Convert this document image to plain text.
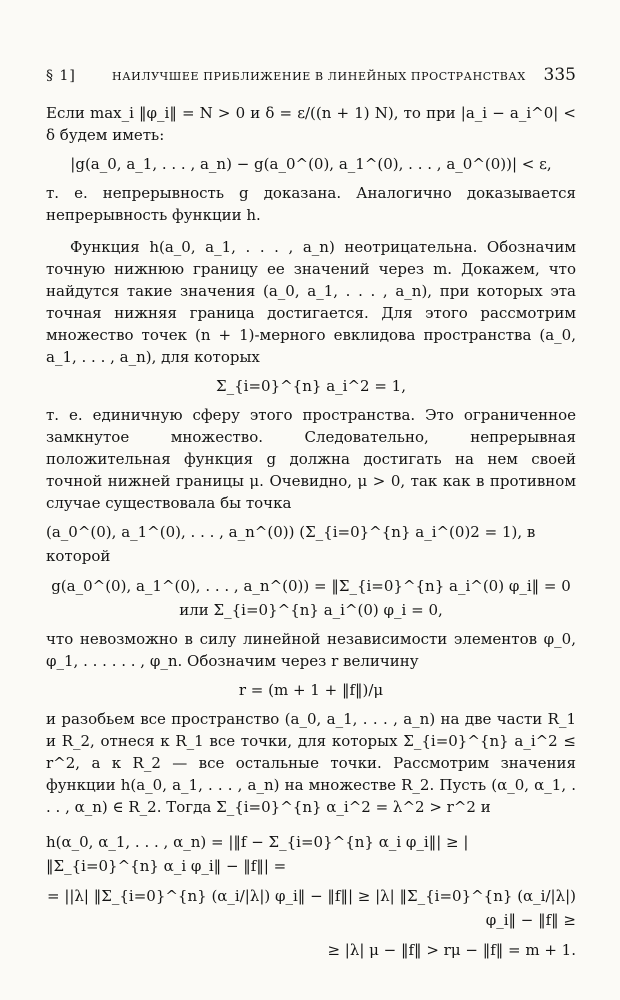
§ 1]	НАИЛУЧШЕЕ ПРИБЛИЖЕНИЕ В ЛИНЕЙНЫХ ПРОСТРАНСТВАХ 335

Если max_i ‖φ_i‖ = N > 0 и δ = ε/((n + 1) N), то при |a_i − a_i^0| < δ будем иметь:

|g(a_0, a_1, . . . , a_n) − g(a_0^(0), a_1^(0), . . . , a_0^(0))| < ε,

т. е. непрерывность g доказана. Аналогично доказывается непрерывность функции h.

Функция h(a_0, a_1, . . . , a_n) неотрицательна. Обозначим точную нижнюю границу ее значений через m. Докажем, что найдутся такие значения (a_0, a_1, . . . , a_n), при которых эта точная нижняя граница достигается. Для этого рассмотрим множество точек (n + 1)-мерного евклидова пространства (a_0, a_1, . . . , a_n), для которых

Σ_{i=0}^{n} a_i^2 = 1,

т. е. единичную сферу этого пространства. Это ограниченное замкнутое множество. Следовательно, непрерывная положительная функция g должна достигать на нем своей точной нижней границы μ. Очевидно, μ > 0, так как в противном случае существовала бы точка

(a_0^(0), a_1^(0), . . . , a_n^(0)) (Σ_{i=0}^{n} a_i^(0)2 = 1), в которой
g(a_0^(0), a_1^(0), . . . , a_n^(0)) = ‖Σ_{i=0}^{n} a_i^(0) φ_i‖ = 0 или Σ_{i=0}^{n} a_i^(0) φ_i = 0,

что невозможно в силу линейной независимости элементов φ_0, φ_1, . . . . . . , φ_n. Обозначим через r величину

r = (m + 1 + ‖f‖)/μ

и разобьем все пространство (a_0, a_1, . . . , a_n) на две части R_1 и R_2, отнеся к R_1 все точки, для которых Σ_{i=0}^{n} a_i^2 ≤ r^2, а к R_2 — все остальные точки. Рассмотрим значения функции h(a_0, a_1, . . . , a_n) на множестве R_2. Пусть (α_0, α_1, . . . , α_n) ∈ R_2. Тогда Σ_{i=0}^{n} α_i^2 = λ^2 > r^2 и

h(α_0, α_1, . . . , α_n) = |‖f − Σ_{i=0}^{n} α_i φ_i‖| ≥ |‖Σ_{i=0}^{n} α_i φ_i‖ − ‖f‖| =
= ||λ| ‖Σ_{i=0}^{n} (α_i/|λ|) φ_i‖ − ‖f‖| ≥ |λ| ‖Σ_{i=0}^{n} (α_i/|λ|) φ_i‖ − ‖f‖ ≥
≥ |λ| μ − ‖f‖ > rμ − ‖f‖ = m + 1.
